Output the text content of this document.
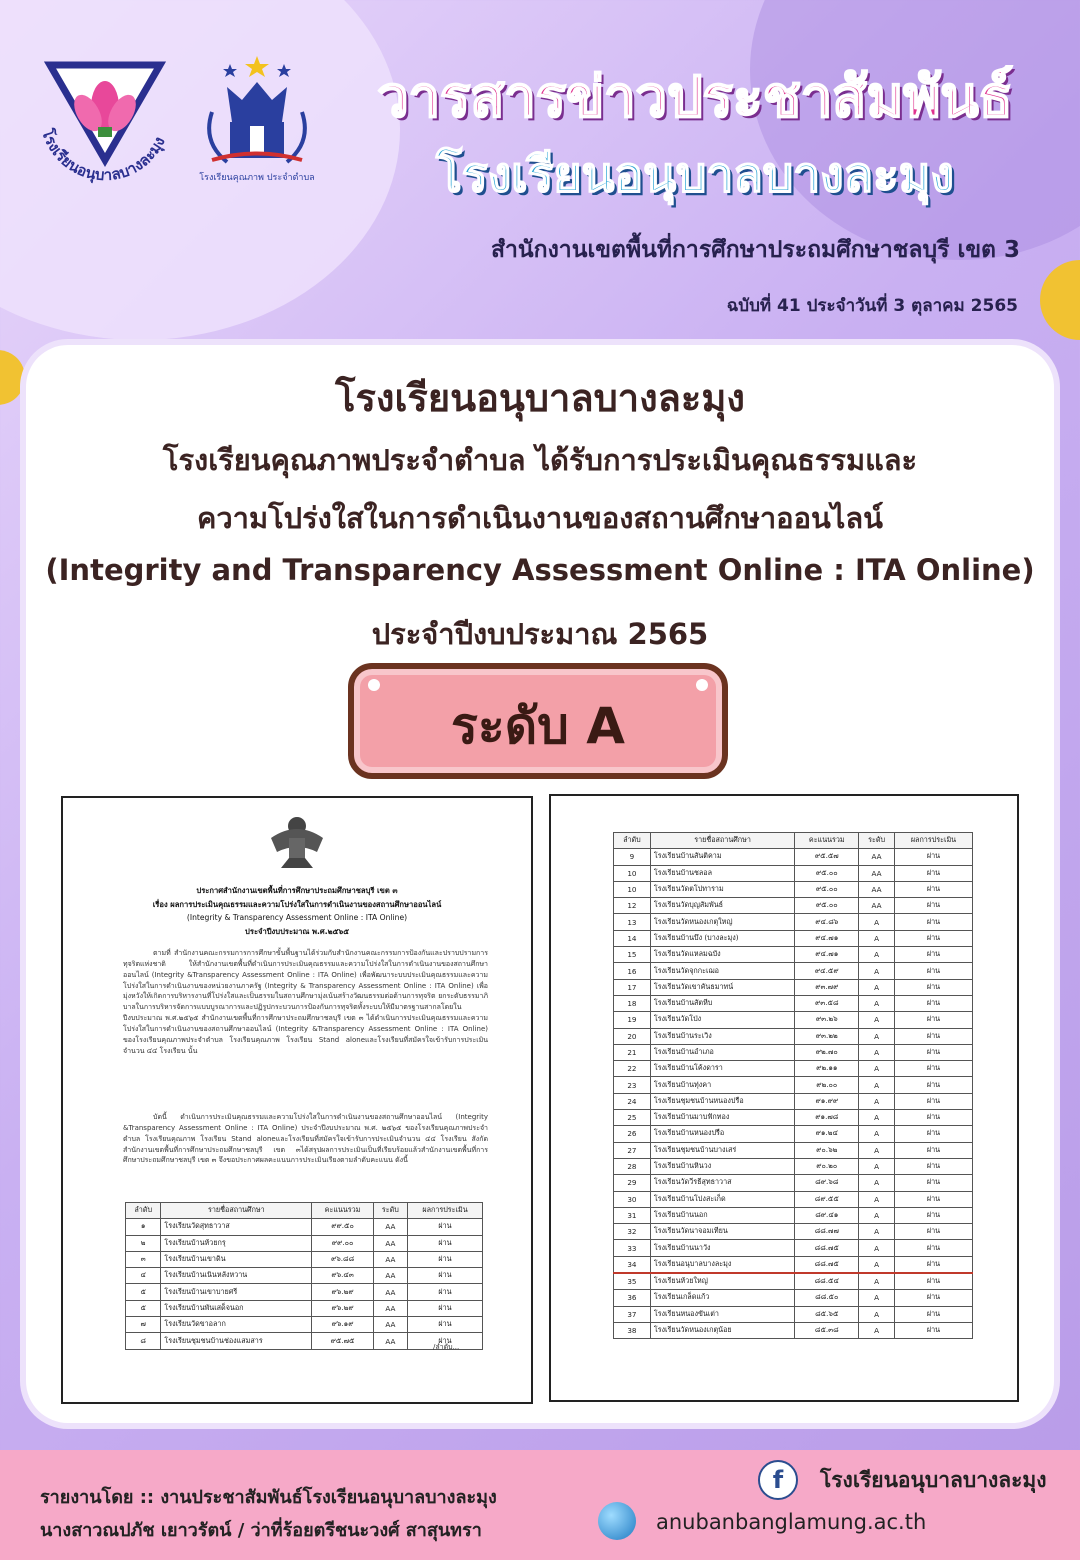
โรงเรียนอนุบาลบางละมุง
โรงเรียนคุณภาพ ประจำตำบล
วารสารข่าวประชาสัมพันธ์
โรงเรียนอนุบาลบางละมุง
สำนักงานเขตพื้นที่การศึกษาประถมศึกษาชลบุรี เขต 3
ฉบับที่ 41 ประจำวันที่ 3 ตุลาคม 2565
โรงเรียนอนุบาลบางละมุง
โรงเรียนคุณภาพประจำตำบล ได้รับการประเมินคุณธรรมและ
ความโปร่งใสในการดำเนินงานของสถานศึกษาออนไลน์
(Integrity and Transparency Assessment Online : ITA Online)
ประจำปีงบประมาณ 2565
ระดับ A
ประกาศสำนักงานเขตพื้นที่การศึกษาประถมศึกษาชลบุรี เขต ๓
เรื่อง ผลการประเมินคุณธรรมและความโปร่งใสในการดำเนินงานของสถานศึกษาออนไลน์
(Integrity & Transparency Assessment Online : ITA Online)
ประจำปีงบประมาณ พ.ศ.๒๕๖๕
ตามที่ สำนักงานคณะกรรมการการศึกษาขั้นพื้นฐานได้ร่วมกับสำนักงานคณะกรรมการป้องกันและปราบปรามการทุจริตแห่งชาติ ให้สำนักงานเขตพื้นที่ดำเนินการประเมินคุณธรรมและความโปร่งใสในการดำเนินงานของสถานศึกษาออนไลน์ (Integrity &Transparency Assessment Online : ITA Online) เพื่อพัฒนาระบบประเมินคุณธรรมและความโปร่งใสในการดำเนินงานของหน่วยงานภาครัฐ (Integrity & Transparency Assessment Online : ITA Online) เพื่อมุ่งหวังให้เกิดการบริหารงานที่โปร่งใสและเป็นธรรมในสถานศึกษามุ่งเน้นสร้างวัฒนธรรมต่อต้านการทุจริต ยกระดับธรรมาภิบาลในการบริหารจัดการแบบบูรณาการและปฏิรูปกระบวนการป้องกันการทุจริตทั้งระบบให้มีมาตรฐานสากลโดยในปีงบประมาณ พ.ศ.๒๕๖๕ สำนักงานเขตพื้นที่การศึกษาประถมศึกษาชลบุรี เขต ๓ ได้ดำเนินการประเมินคุณธรรมและความโปร่งใสในการดำเนินงานของสถานศึกษาออนไลน์ (Integrity &Transparency Assessment Online : ITA Online) ของโรงเรียนคุณภาพประจำตำบล โรงเรียนคุณภาพ โรงเรียน Stand aloneและโรงเรียนที่สมัครใจเข้ารับการประเมินจำนวน ๔๔ โรงเรียน นั้น
บัดนี้ ดำเนินการประเมินคุณธรรมและความโปร่งใสในการดำเนินงานของสถานศึกษาออนไลน์ (Integrity &Transparency Assessment Online : ITA Online) ประจำปีงบประมาณ พ.ศ. ๒๕๖๕ ของโรงเรียนคุณภาพประจำตำบล โรงเรียนคุณภาพ โรงเรียน Stand aloneและโรงเรียนที่สมัครใจเข้ารับการประเมินจำนวน ๔๔ โรงเรียน สังกัดสำนักงานเขตพื้นที่การศึกษาประถมศึกษาชลบุรี เขต ๓ได้สรุปผลการประเมินเป็นที่เรียบร้อยแล้วสำนักงานเขตพื้นที่การศึกษาประถมศึกษาชลบุรี เขต ๓ จึงขอประกาศผลคะแนนการประเมินเรียงตามลำดับคะแนน ดังนี้
ลำดับ	รายชื่อสถานศึกษา	คะแนนรวม	ระดับ	ผลการประเมิน
๑	โรงเรียนวัดสุทธาวาส	๙๙.๕๐	AA	ผ่าน
๒	โรงเรียนบ้านห้วยกรุ	๙๙.๐๐	AA	ผ่าน
๓	โรงเรียนบ้านเขาดิน	๙๖.๘๘	AA	ผ่าน
๔	โรงเรียนบ้านเนินหลังหวาน	๙๖.๔๓	AA	ผ่าน
๕	โรงเรียนบ้านเขาบายศรี	๙๖.๒๙	AA	ผ่าน
๕	โรงเรียนบ้านพันเสด็จนอก	๙๖.๒๙	AA	ผ่าน
๗	โรงเรียนวัดขาอลาก	๙๖.๑๙	AA	ผ่าน
๘	โรงเรียนชุมชนบ้านช่องแสมสาร	๙๕.๗๕	AA	ผ่าน
/ลำดับ...
ลำดับ	รายชื่อสถานศึกษา	คะแนนรวม	ระดับ	ผลการประเมิน
9	โรงเรียนบ้านสันติคาม	๙๕.๕๗	AA	ผ่าน
10	โรงเรียนบ้านชลอล	๙๕.๐๐	AA	ผ่าน
10	โรงเรียนวัดตโปทาราม	๙๕.๐๐	AA	ผ่าน
12	โรงเรียนวัดบุญสัมพันธ์	๙๕.๐๐	AA	ผ่าน
13	โรงเรียนวัดหนองเกตุใหญ่	๙๔.๘๖	A	ผ่าน
14	โรงเรียนบ้านบึง (บางละมุง)	๙๔.๗๑	A	ผ่าน
15	โรงเรียนวัดแหลมฉบัง	๙๔.๗๑	A	ผ่าน
16	โรงเรียนวัดจุกกะเฌอ	๙๔.๕๙	A	ผ่าน
17	โรงเรียนวัดเขาคันธมาทน์	๙๓.๗๙	A	ผ่าน
18	โรงเรียนบ้านสัตหีบ	๙๓.๕๘	A	ผ่าน
19	โรงเรียนวัดโป่ง	๙๓.๒๖	A	ผ่าน
20	โรงเรียนบ้านระเวิง	๙๓.๒๒	A	ผ่าน
21	โรงเรียนบ้านอำเภอ	๙๒.๗๐	A	ผ่าน
22	โรงเรียนบ้านโค้งดารา	๙๒.๑๑	A	ผ่าน
23	โรงเรียนบ้านทุ่งคา	๙๒.๐๐	A	ผ่าน
24	โรงเรียนชุมชนบ้านหนองปรือ	๙๑.๙๙	A	ผ่าน
25	โรงเรียนบ้านมาบฟักทอง	๙๑.๗๘	A	ผ่าน
26	โรงเรียนบ้านหนองปรือ	๙๑.๒๔	A	ผ่าน
27	โรงเรียนชุมชนบ้านบางเสร่	๙๐.๖๒	A	ผ่าน
28	โรงเรียนบ้านหินวง	๙๐.๒๐	A	ผ่าน
29	โรงเรียนวัดวีรธีสุทธาวาส	๘๙.๖๘	A	ผ่าน
30	โรงเรียนบ้านโปงสะเก็ด	๘๙.๕๕	A	ผ่าน
31	โรงเรียนบ้านนอก	๘๙.๔๑	A	ผ่าน
32	โรงเรียนวัดนาจอมเทียน	๘๘.๗๗	A	ผ่าน
33	โรงเรียนบ้านนาวัง	๘๘.๗๕	A	ผ่าน
34	โรงเรียนอนุบาลบางละมุง	๘๘.๗๕	A	ผ่าน
35	โรงเรียนห้วยใหญ่	๘๘.๕๔	A	ผ่าน
36	โรงเรียนเกล็ดแก้ว	๘๘.๕๐	A	ผ่าน
37	โรงเรียนหนองขันเต่า	๘๕.๖๕	A	ผ่าน
38	โรงเรียนวัดหนองเกตุน้อย	๘๕.๓๘	A	ผ่าน
รายงานโดย :: งานประชาสัมพันธ์โรงเรียนอนุบาลบางละมุง
นางสาวณปภัช เยาวรัตน์ / ว่าที่ร้อยตรีชนะวงศ์ สาสุนทรา
f	โรงเรียนอนุบาลบางละมุง
anubanbanglamung.ac.th
